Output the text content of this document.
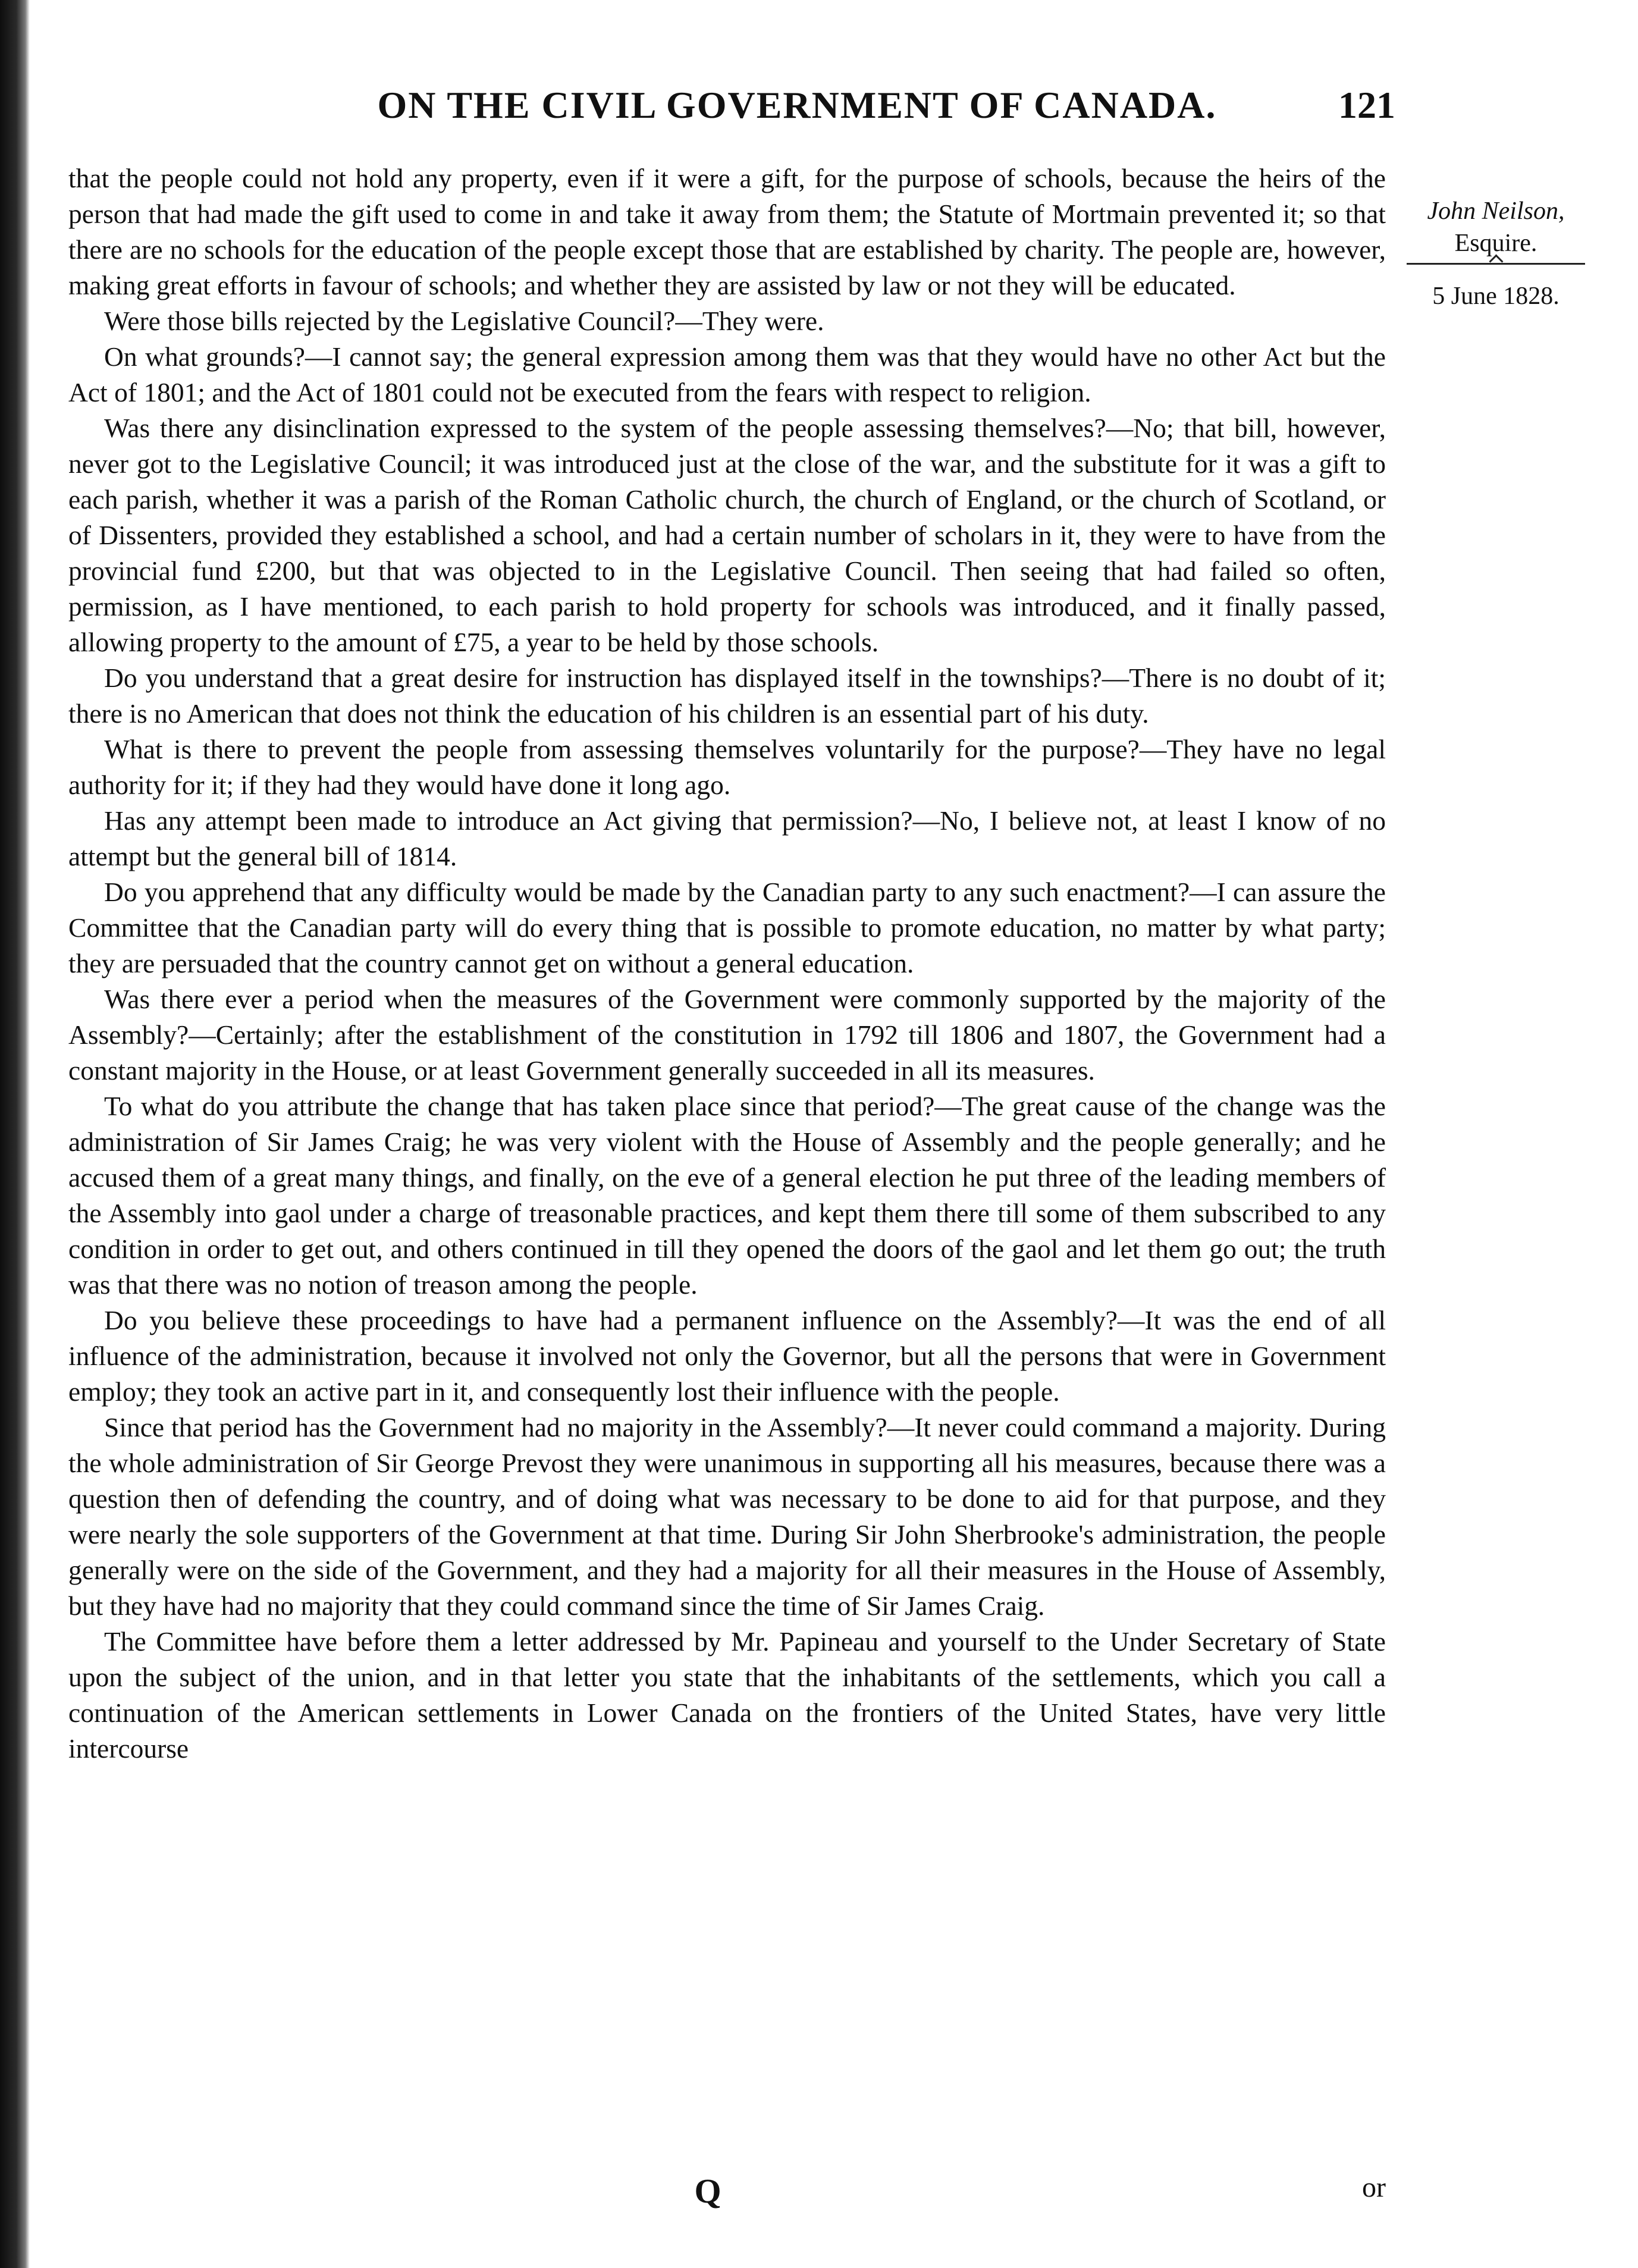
ON THE CIVIL GOVERNMENT OF CANADA.	121
John Neilson,
Esquire.
5 June 1828.

that the people could not hold any property, even if it were a gift, for the purpose of schools, because the heirs of the person that had made the gift used to come in and take it away from them; the Statute of Mortmain prevented it; so that there are no schools for the education of the people except those that are established by charity. The people are, however, making great efforts in favour of schools; and whether they are assisted by law or not they will be educated.

Were those bills rejected by the Legislative Council?—They were.

On what grounds?—I cannot say; the general expression among them was that they would have no other Act but the Act of 1801; and the Act of 1801 could not be executed from the fears with respect to religion.

Was there any disinclination expressed to the system of the people assessing themselves?—No; that bill, however, never got to the Legislative Council; it was introduced just at the close of the war, and the substitute for it was a gift to each parish, whether it was a parish of the Roman Catholic church, the church of England, or the church of Scotland, or of Dissenters, provided they established a school, and had a certain number of scholars in it, they were to have from the provincial fund £200, but that was objected to in the Legislative Council. Then seeing that had failed so often, permission, as I have mentioned, to each parish to hold property for schools was introduced, and it finally passed, allowing property to the amount of £75, a year to be held by those schools.

Do you understand that a great desire for instruction has displayed itself in the townships?—There is no doubt of it; there is no American that does not think the education of his children is an essential part of his duty.

What is there to prevent the people from assessing themselves voluntarily for the purpose?—They have no legal authority for it; if they had they would have done it long ago.

Has any attempt been made to introduce an Act giving that permission?—No, I believe not, at least I know of no attempt but the general bill of 1814.

Do you apprehend that any difficulty would be made by the Canadian party to any such enactment?—I can assure the Committee that the Canadian party will do every thing that is possible to promote education, no matter by what party; they are persuaded that the country cannot get on without a general education.

Was there ever a period when the measures of the Government were commonly supported by the majority of the Assembly?—Certainly; after the establishment of the constitution in 1792 till 1806 and 1807, the Government had a constant majority in the House, or at least Government generally succeeded in all its measures.

To what do you attribute the change that has taken place since that period?—The great cause of the change was the administration of Sir James Craig; he was very violent with the House of Assembly and the people generally; and he accused them of a great many things, and finally, on the eve of a general election he put three of the leading members of the Assembly into gaol under a charge of treasonable practices, and kept them there till some of them subscribed to any condition in order to get out, and others continued in till they opened the doors of the gaol and let them go out; the truth was that there was no notion of treason among the people.

Do you believe these proceedings to have had a permanent influence on the Assembly?—It was the end of all influence of the administration, because it involved not only the Governor, but all the persons that were in Government employ; they took an active part in it, and consequently lost their influence with the people.

Since that period has the Government had no majority in the Assembly?—It never could command a majority. During the whole administration of Sir George Prevost they were unanimous in supporting all his measures, because there was a question then of defending the country, and of doing what was necessary to be done to aid for that purpose, and they were nearly the sole supporters of the Government at that time. During Sir John Sherbrooke's administration, the people generally were on the side of the Government, and they had a majority for all their measures in the House of Assembly, but they have had no majority that they could command since the time of Sir James Craig.

The Committee have before them a letter addressed by Mr. Papineau and yourself to the Under Secretary of State upon the subject of the union, and in that letter you state that the inhabitants of the settlements, which you call a continuation of the American settlements in Lower Canada on the frontiers of the United States, have very little intercourse

Q	or
